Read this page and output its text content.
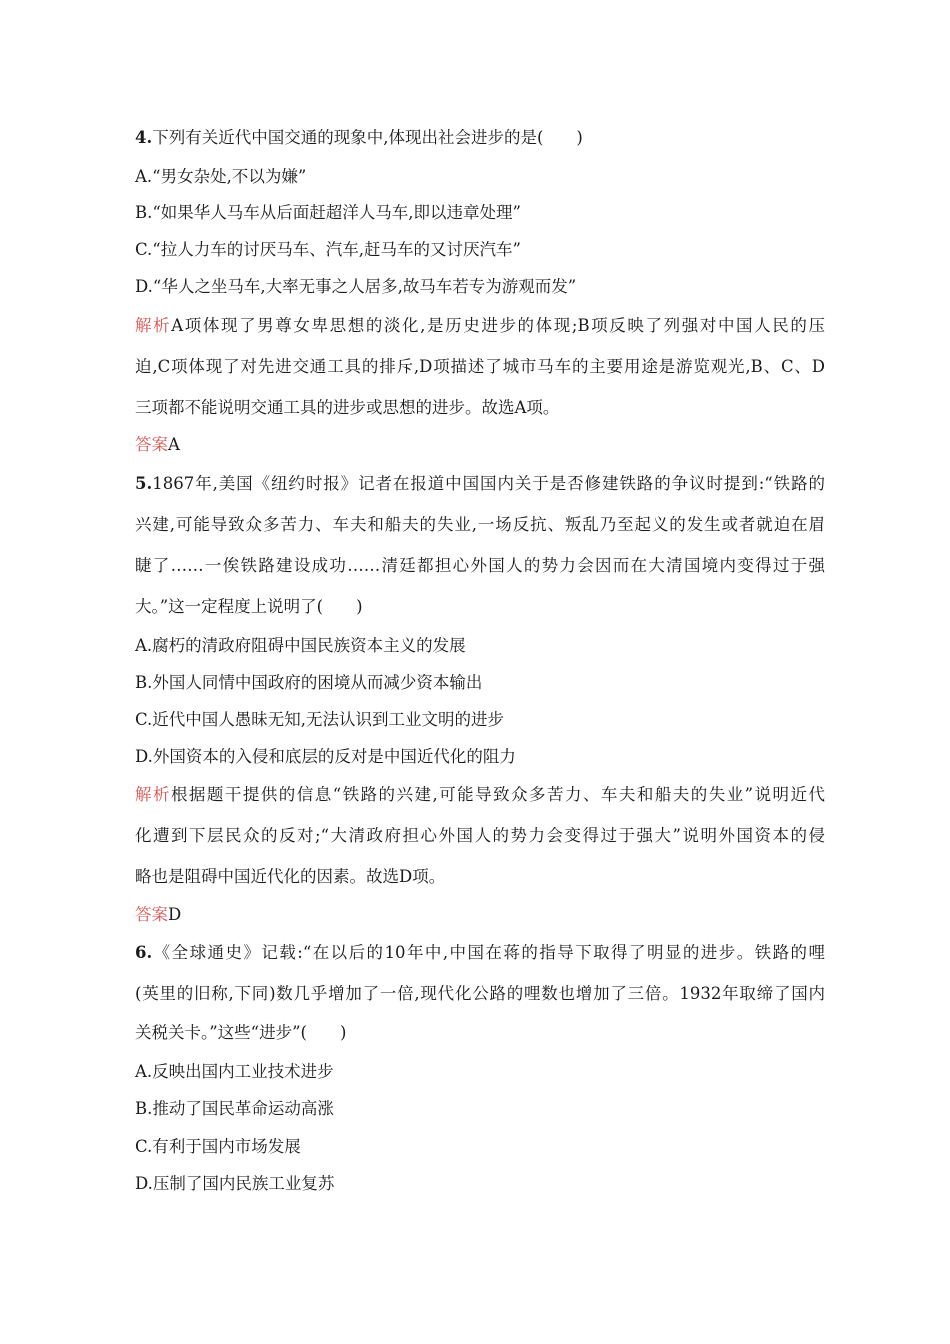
4.下列有关近代中国交通的现象中,体现出社会进步的是(　　)
A.“男女杂处,不以为嫌”
B.“如果华人马车从后面赶超洋人马车,即以违章处理”
C.“拉人力车的讨厌马车、汽车,赶马车的又讨厌汽车”
D.“华人之坐马车,大率无事之人居多,故马车若专为游观而发”
解析A项体现了男尊女卑思想的淡化,是历史进步的体现;B项反映了列强对中国人民的压
迫,C项体现了对先进交通工具的排斥,D项描述了城市马车的主要用途是游览观光,B、C、D
三项都不能说明交通工具的进步或思想的进步。故选A项。
答案A
5.1867年,美国《纽约时报》记者在报道中国国内关于是否修建铁路的争议时提到:“铁路的
兴建,可能导致众多苦力、车夫和船夫的失业,一场反抗、叛乱乃至起义的发生或者就迫在眉
睫了……一俟铁路建设成功……清廷都担心外国人的势力会因而在大清国境内变得过于强
大。”这一定程度上说明了(　　)
A.腐朽的清政府阻碍中国民族资本主义的发展
B.外国人同情中国政府的困境从而减少资本输出
C.近代中国人愚昧无知,无法认识到工业文明的进步
D.外国资本的入侵和底层的反对是中国近代化的阻力
解析根据题干提供的信息“铁路的兴建,可能导致众多苦力、车夫和船夫的失业”说明近代
化遭到下层民众的反对;“大清政府担心外国人的势力会变得过于强大”说明外国资本的侵
略也是阻碍中国近代化的因素。故选D项。
答案D
6.《全球通史》记载:“在以后的10年中,中国在蒋的指导下取得了明显的进步。铁路的哩
(英里的旧称,下同)数几乎增加了一倍,现代化公路的哩数也增加了三倍。1932年取缔了国内
关税关卡。”这些“进步”(　　)
A.反映出国内工业技术进步
B.推动了国民革命运动高涨
C.有利于国内市场发展
D.压制了国内民族工业复苏
